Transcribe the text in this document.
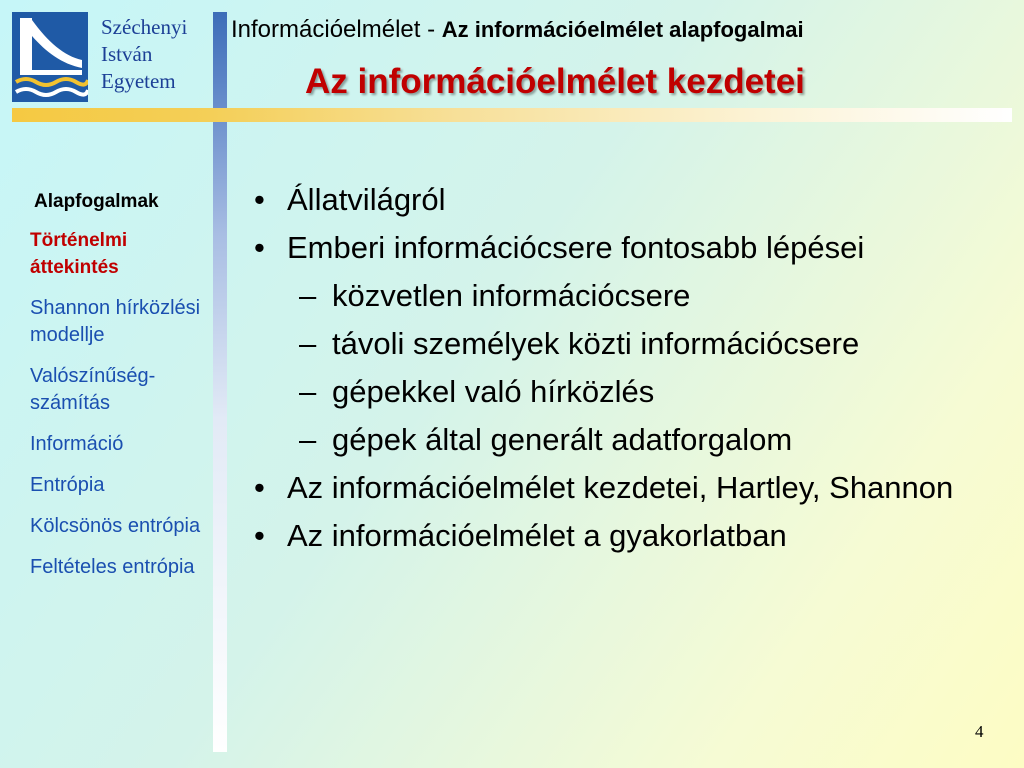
Széchenyi
István
Egyetem
Információelmélet - Az információelmélet alapfogalmai
Az információelmélet kezdetei
Alapfogalmak
Történelmi áttekintés
Shannon hírközlési modellje
Valószínűség-számítás
Információ
Entrópia
Kölcsönös entrópia
Feltételes entrópia
• Állatvilágról
• Emberi információcsere fontosabb lépései
– közvetlen információcsere
– távoli személyek közti információcsere
– gépekkel való hírközlés
– gépek által generált adatforgalom
• Az információelmélet kezdetei, Hartley, Shannon
• Az információelmélet a gyakorlatban
4
